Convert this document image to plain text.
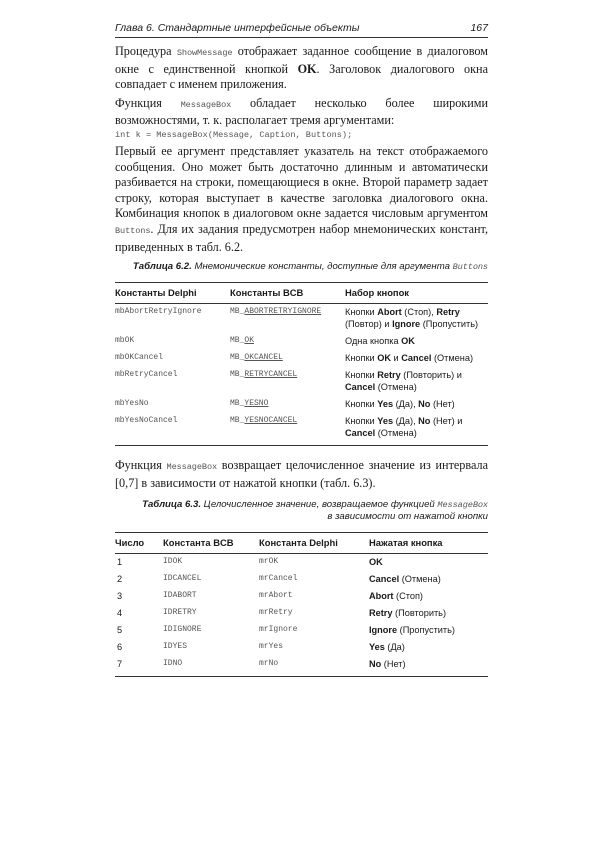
Глава 6. Стандартные интерфейсные объекты	167

Процедура ShowMessage отображает заданное сообщение в диалоговом окне с единственной кнопкой OK. Заголовок диалогового окна совпадает с именем приложения.

Функция MessageBox обладает несколько более широкими возможностями, т. к. располагает тремя аргументами:

int k = MessageBox(Message, Caption, Buttons);

Первый ее аргумент представляет указатель на текст отображаемого сообщения. Оно может быть достаточно длинным и автоматически разбивается на строки, помещающиеся в окне. Второй параметр задает строку, которая выступает в качестве заголовка диалогового окна. Комбинация кнопок в диалоговом окне задается числовым аргументом Buttons. Для их задания предусмотрен набор мнемонических констант, приведенных в табл. 6.2.

Таблица 6.2. Мнемонические константы, доступные для аргумента Buttons
Константы Delphi	Константы BCB	Набор кнопок
mbAbortRetryIgnore	MB_ABORTRETRYIGNORE	Кнопки Abort (Стоп), Retry (Повтор) и Ignore (Пропустить)
mbOK	MB_OK	Одна кнопка OK
mbOKCancel	MB_OKCANCEL	Кнопки OK и Cancel (Отмена)
mbRetryCancel	MB_RETRYCANCEL	Кнопки Retry (Повторить) и Cancel (Отмена)
mbYesNo	MB_YESNO	Кнопки Yes (Да), No (Нет)
mbYesNoCancel	MB_YESNOCANCEL	Кнопки Yes (Да), No (Нет) и Cancel (Отмена)

Функция MessageBox возвращает целочисленное значение из интервала [0,7] в зависимости от нажатой кнопки (табл. 6.3).

Таблица 6.3. Целочисленное значение, возвращаемое функцией MessageBox
в зависимости от нажатой кнопки
Число	Константа BCB	Константа Delphi	Нажатая кнопка
1	IDOK	mrOK	OK
2	IDCANCEL	mrCancel	Cancel (Отмена)
3	IDABORT	mrAbort	Abort (Стоп)
4	IDRETRY	mrRetry	Retry (Повторить)
5	IDIGNORE	mrIgnore	Ignore (Пропустить)
6	IDYES	mrYes	Yes (Да)
7	IDNO	mrNo	No (Нет)
